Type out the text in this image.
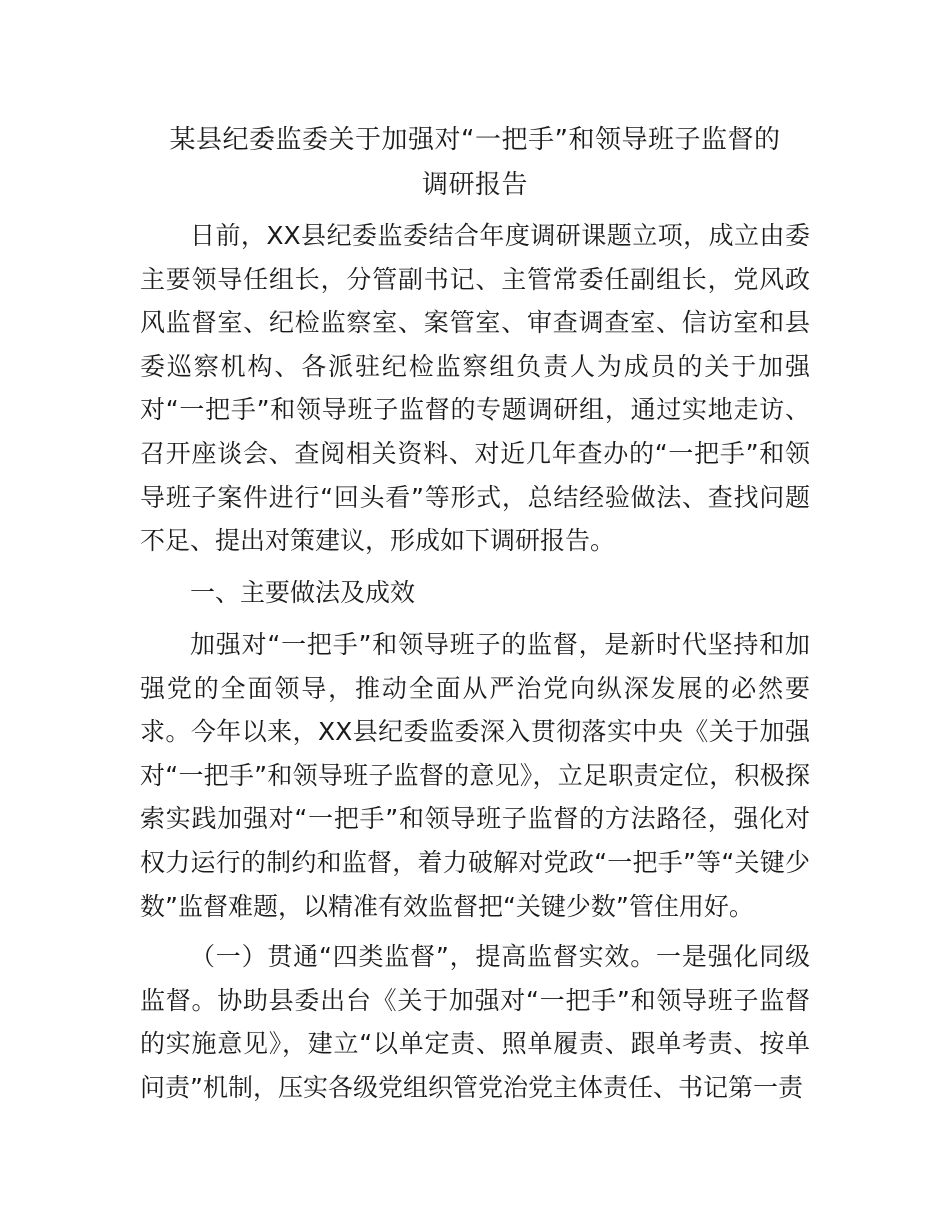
某县纪委监委关于加强对“一把手”和领导班子监督的
调研报告

日前，XX县纪委监委结合年度调研课题立项，成立由委主要领导任组长，分管副书记、主管常委任副组长，党风政风监督室、纪检监察室、案管室、审查调查室、信访室和县委巡察机构、各派驻纪检监察组负责人为成员的关于加强对“一把手”和领导班子监督的专题调研组，通过实地走访、召开座谈会、查阅相关资料、对近几年查办的“一把手”和领导班子案件进行“回头看”等形式，总结经验做法、查找问题不足、提出对策建议，形成如下调研报告。

一、主要做法及成效

加强对“一把手”和领导班子的监督，是新时代坚持和加强党的全面领导，推动全面从严治党向纵深发展的必然要求。今年以来，XX县纪委监委深入贯彻落实中央《关于加强对“一把手”和领导班子监督的意见》，立足职责定位，积极探索实践加强对“一把手”和领导班子监督的方法路径，强化对权力运行的制约和监督，着力破解对党政“一把手”等“关键少数”监督难题，以精准有效监督把“关键少数”管住用好。

（一）贯通“四类监督”，提高监督实效。一是强化同级监督。协助县委出台《关于加强对“一把手”和领导班子监督的实施意见》，建立“以单定责、照单履责、跟单考责、按单问责”机制，压实各级党组织管党治党主体责任、书记第一责
